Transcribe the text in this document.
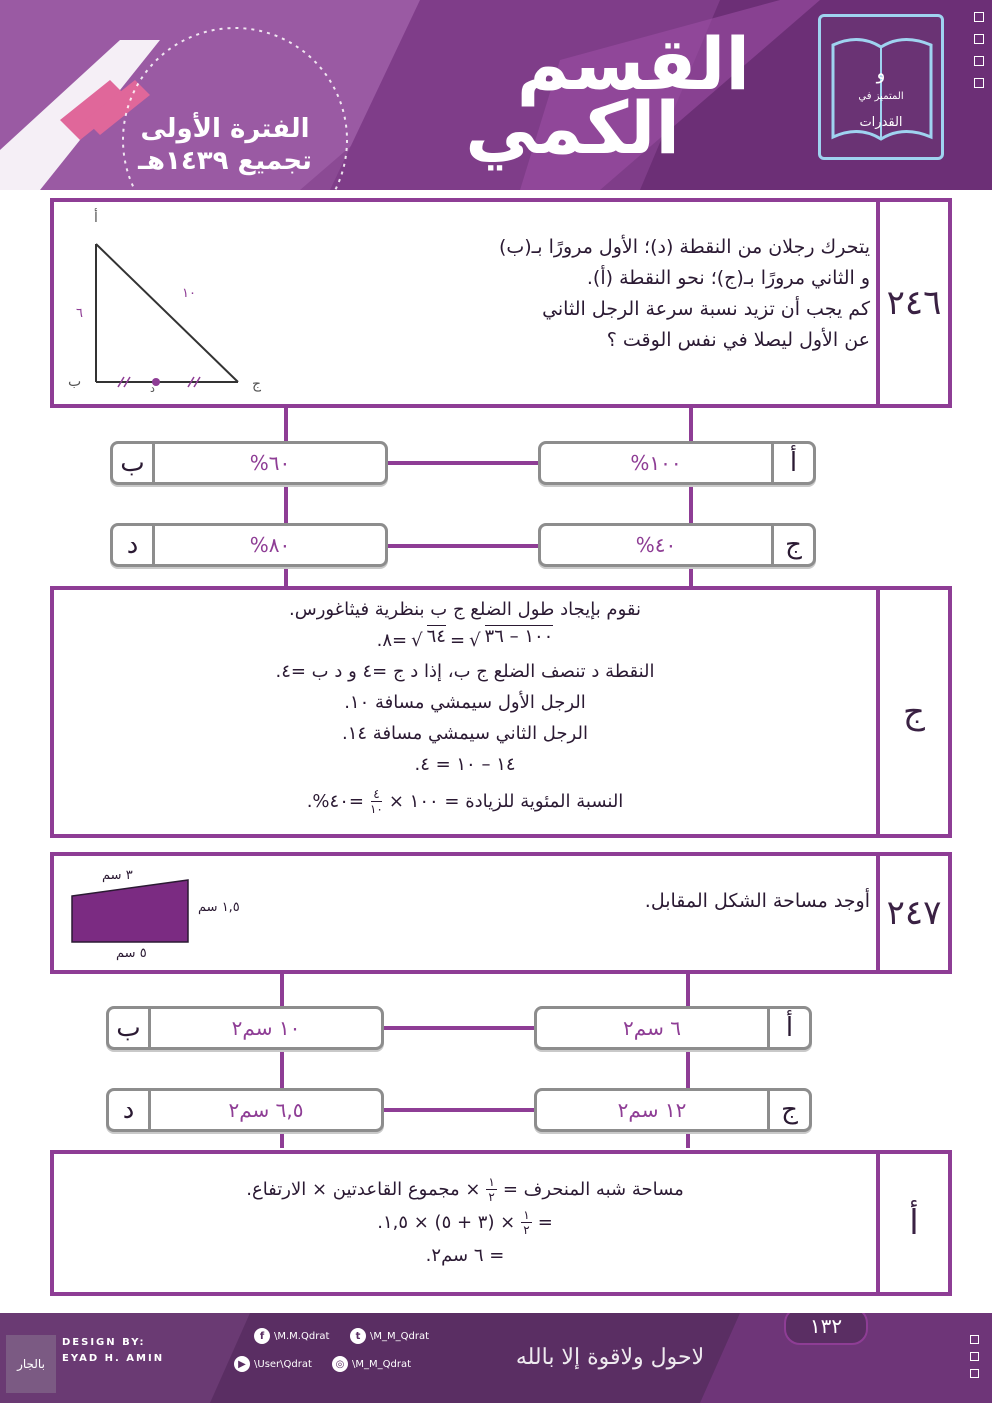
القسم
الكمي
الفترة الأولى
تجميع ١٤٣٩هـ
القدرات
المتميز في
و
أ
ب	ج
د
٦
١٠
يتحرك رجلان من النقطة (د)؛ الأول مرورًا بـ(ب)
و الثاني مرورًا بـ(ج)؛ نحو النقطة (أ).
كم يجب أن تزيد نسبة سرعة الرجل الثاني
عن الأول ليصلا في نفس الوقت ؟
٢٤٦
١٠٠%	أ
ب	٦٠%
٤٠%	ج
د	٨٠%
نقوم بإيجاد طول الضلع ج ب بنظرية فيثاغورس.
=٨. √ ٦٤ = √ ١٠٠ – ٣٦
النقطة د تنصف الضلع ج ب، إذا د ج =٤ و د ب =٤.
الرجل الأول سيمشي مسافة ١٠.
الرجل الثاني سيمشي مسافة ١٤.
١٤ – ١٠ = ٤.
النسبة المئوية للزيادة = ١٠٠ ×
٤
١٠
=٤٠%.
ج
٣ سم
١,٥ سم
٥ سم
أوجد مساحة الشكل المقابل. ٢٤٧
٦ سم٢	أ
ب	١٠ سم٢
١٢ سم٢	ج
د	٦,٥ سم٢
مساحة شبه المنحرف =
١
٢
× مجموع القاعدتين × الارتفاع.
=
١
٢
× (٣ + ٥) × ١,٥.
= ٦ سم٢.
أ
بالجار
DESIGN BY:
EYAD H. AMIN
f \M.M.Qdrat	t \M_M_Qdrat
▶ \User\Qdrat	◎ \M_M_Qdrat	لاحول ولاقوة إلا بالله
١٣٢
